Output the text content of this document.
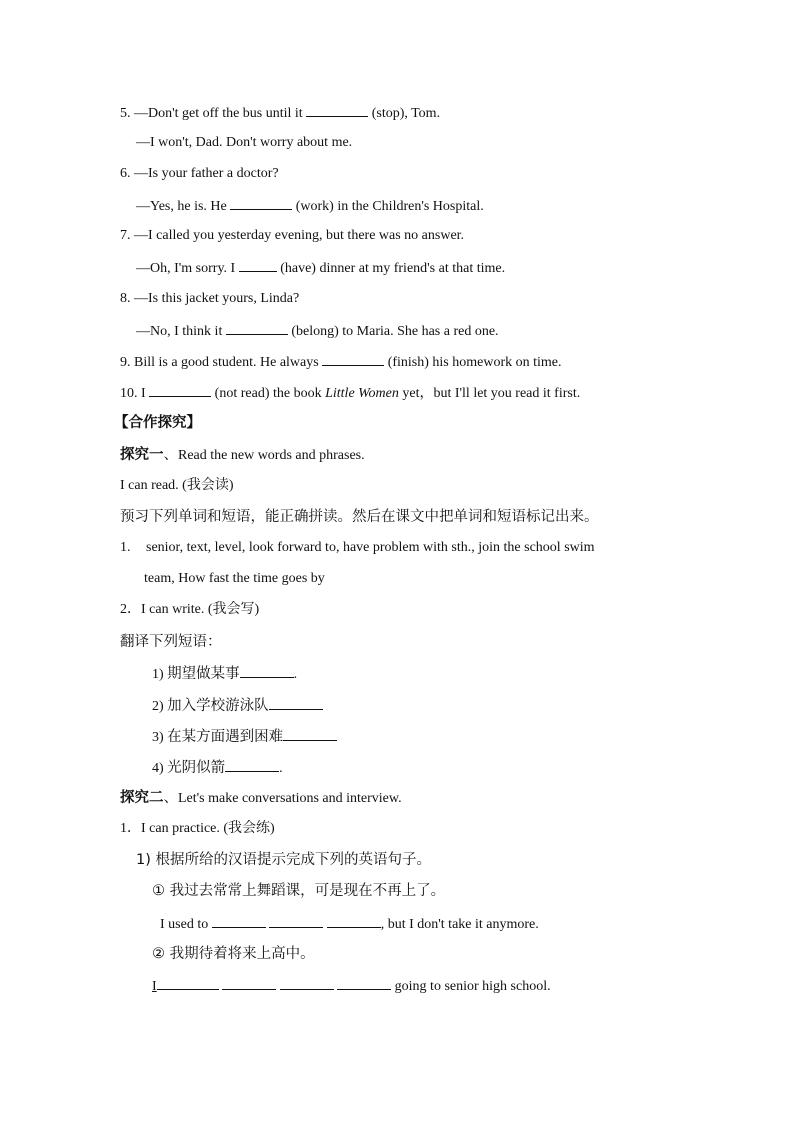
5. —Don't get off the bus until it	(stop), Tom.
—I won't, Dad. Don't worry about me.
6. —Is your father a doctor?
—Yes, he is. He	(work) in the Children's Hospital.
7. —I called you yesterday evening, but there was no answer.
—Oh, I'm sorry. I	(have) dinner at my friend's at that time.
8. —Is this jacket yours, Linda?
—No, I think it	(belong) to Maria. She has a red one.
9. Bill is a good student. He always	(finish) his homework on time.
10. I	(not read) the book Little Women yet，but I'll let you read it first.
【合作探究】
探究一、Read the new words and phrases.
I can read. (我会读)
预习下列单词和短语，能正确拼读。然后在课文中把单词和短语标记出来。
1. senior, text, level, look forward to, have problem with sth., join the school swim
team, How fast the time goes by
2．I can write. (我会写)
翻译下列短语：
1) 期望做某事	.
2) 加入学校游泳队
3) 在某方面遇到困难
4) 光阴似箭	.
探究二、Let's make conversations and interview.
1．I can practice. (我会练)
1) 根据所给的汉语提示完成下列的英语句子。
① 我过去常常上舞蹈课，可是现在不再上了。
I used to	, but I don't take it anymore.
② 我期待着将来上高中。
I	going to senior high school.
